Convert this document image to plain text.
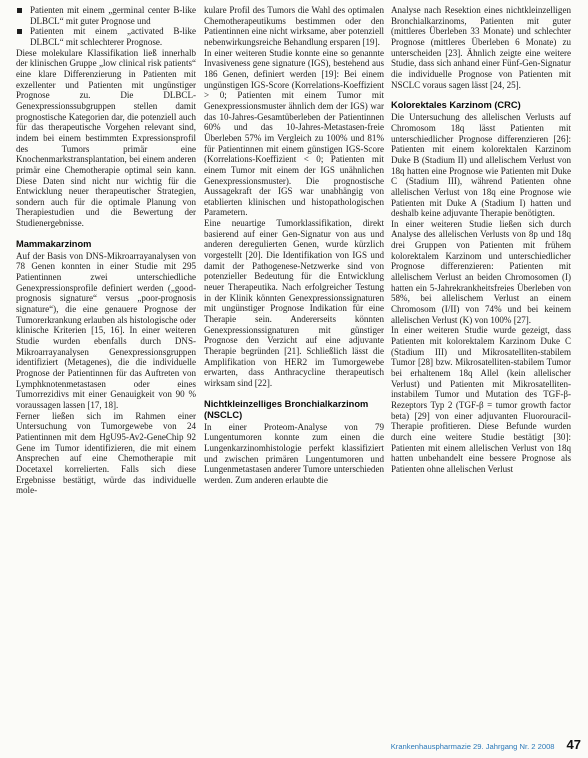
Patienten mit einem „germinal center B-like DLBCL“ mit guter Prognose und
Patienten mit einem „activated B-like DLBCL“ mit schlechterer Prognose.

Diese molekulare Klassifikation ließ innerhalb der klinischen Gruppe „low clinical risk patients“ eine klare Differenzierung in Patienten mit exzellenter und Patienten mit ungünstiger Prognose zu. Die DLBCL-Genexpressionssubgruppen stellen damit prognostische Kategorien dar, die potenziell auch für das therapeutische Vorgehen relevant sind, indem bei einem bestimmten Expressionsprofil des Tumors primär eine Knochenmarkstransplantation, bei einem anderen primär eine Chemotherapie optimal sein kann. Diese Daten sind nicht nur wichtig für die Entwicklung neuer therapeutischer Strategien, sondern auch für die optimale Planung von Therapiestudien und die Bewertung der Studienergebnisse.

Mammakarzinom

Auf der Basis von DNS-Mikroarrayanalysen von 78 Genen konnten in einer Studie mit 295 Patientinnen zwei unterschiedliche Genexpressionsprofile definiert werden („good-prognosis signature“ versus „poor-prognosis signature“), die eine genauere Prognose der Tumorerkrankung erlauben als histologische oder klinische Kriterien [15, 16]. In einer weiteren Studie wurden ebenfalls durch DNS-Mikroarrayanalysen Genexpressionsgruppen identifiziert (Metagenes), die die individuelle Prognose der Patientinnen für das Auftreten von Lymphknotenmetastasen oder eines Tumorrezidivs mit einer Genauigkeit von 90 % voraussagen lassen [17, 18].

Ferner ließen sich im Rahmen einer Untersuchung von Tumorgewebe von 24 Patientinnen mit dem HgU95-Av2-GeneChip 92 Gene im Tumor identifizieren, die mit einem Ansprechen auf eine Chemotherapie mit Docetaxel korrelierten. Falls sich diese Ergebnisse bestätigt, würde das individuelle mole-

kulare Profil des Tumors die Wahl des optimalen Chemotherapeutikums bestimmen oder den Patientinnen eine nicht wirksame, aber potenziell nebenwirkungsreiche Behandlung ersparen [19].

In einer weiteren Studie konnte eine so genannte Invasiveness gene signature (IGS), bestehend aus 186 Genen, definiert werden [19]: Bei einem ungünstigen IGS-Score (Korrelations-Koeffizient > 0; Patienten mit einem Tumor mit Genexpressionsmuster ähnlich dem der IGS) war das 10-Jahres-Gesamtüberleben der Patientinnen 60% und das 10-Jahres-Metastasen-freie Überleben 57% im Vergleich zu 100% und 81% für Patientinnen mit einem günstigen IGS-Score (Korrelations-Koeffizient < 0; Patienten mit einem Tumor mit einem der IGS unähnlichen Genexpressionsmuster). Die prognostische Aussagekraft der IGS war unabhängig von etablierten klinischen und histopathologischen Parametern.

Eine neuartige Tumorklassifikation, direkt basierend auf einer Gen-Signatur von aus und anderen deregulierten Genen, wurde kürzlich vorgestellt [20]. Die Identifikation von IGS und damit der Pathogenese-Netzwerke sind von potenzieller Bedeutung für die Entwicklung neuer Therapeutika. Nach erfolgreicher Testung in der Klinik könnten Genexpressionssignaturen mit ungünstiger Prognose Indikation für eine Therapie sein. Andererseits könnten Genexpressionssignaturen mit günstiger Prognose den Verzicht auf eine adjuvante Therapie begründen [21]. Schließlich lässt die Amplifikation von HER2 im Tumorgewebe erwarten, dass Anthracycline therapeutisch wirksam sind [22].

Nichtkleinzelliges Bronchialkarzinom (NSCLC)

In einer Proteom-Analyse von 79 Lungentumoren konnte zum einen die Lungenkarzinomhistologie perfekt klassifiziert und zwischen primären Lungentumoren und Lungenmetastasen anderer Tumore unterschieden werden. Zum anderen erlaubte die

Analyse nach Resektion eines nichtkleinzelligen Bronchialkarzinoms, Patienten mit guter (mittleres Überleben 33 Monate) und schlechter Prognose (mittleres Überleben 6 Monate) zu unterscheiden [23]. Ähnlich zeigte eine weitere Studie, dass sich anhand einer Fünf-Gen-Signatur die individuelle Prognose von Patienten mit NSCLC voraus sagen lässt [24, 25].

Kolorektales Karzinom (CRC)

Die Untersuchung des allelischen Verlusts auf Chromosom 18q lässt Patienten mit unterschiedlicher Prognose differenzieren [26]: Patienten mit einem kolorektalen Karzinom Duke B (Stadium II) und allelischem Verlust von 18q hatten eine Prognose wie Patienten mit Duke C (Stadium III), während Patienten ohne allelischen Verlust von 18q eine Prognose wie Patienten mit Duke A (Stadium I) hatten und deshalb keine adjuvante Therapie benötigten.

In einer weiteren Studie ließen sich durch Analyse des allelischen Verlusts von 8p und 18q drei Gruppen von Patienten mit frühem kolorektalem Karzinom und unterschiedlicher Prognose differenzieren: Patienten mit allelischem Verlust an beiden Chromosomen (I) hatten ein 5-Jahrekrankheitsfreies Überleben von 58%, bei allelischem Verlust an einem Chromosom (I/II) von 74% und bei keinem allelischen Verlust (K) von 100% [27].

In einer weiteren Studie wurde gezeigt, dass Patienten mit kolorektalem Karzinom Duke C (Stadium III) und Mikrosatelliten-stabilem Tumor [28] bzw. Mikrosatelliten-stabilem Tumor bei erhaltenem 18q Allel (kein allelischer Verlust) und Patienten mit Mikrosatelliten-instabilem Tumor und Mutation des TGF-β-Rezeptors Typ 2 (TGF-β = tumor growth factor beta) [29] von einer adjuvanten Fluorouracil-Therapie profitieren. Diese Befunde wurden durch eine weitere Studie bestätigt [30]: Patienten mit einem allelischen Verlust von 18q hatten unbehandelt eine bessere Prognose als Patienten ohne allelischen Verlust

Krankenhauspharmazie 29. Jahrgang Nr. 2 2008 47
